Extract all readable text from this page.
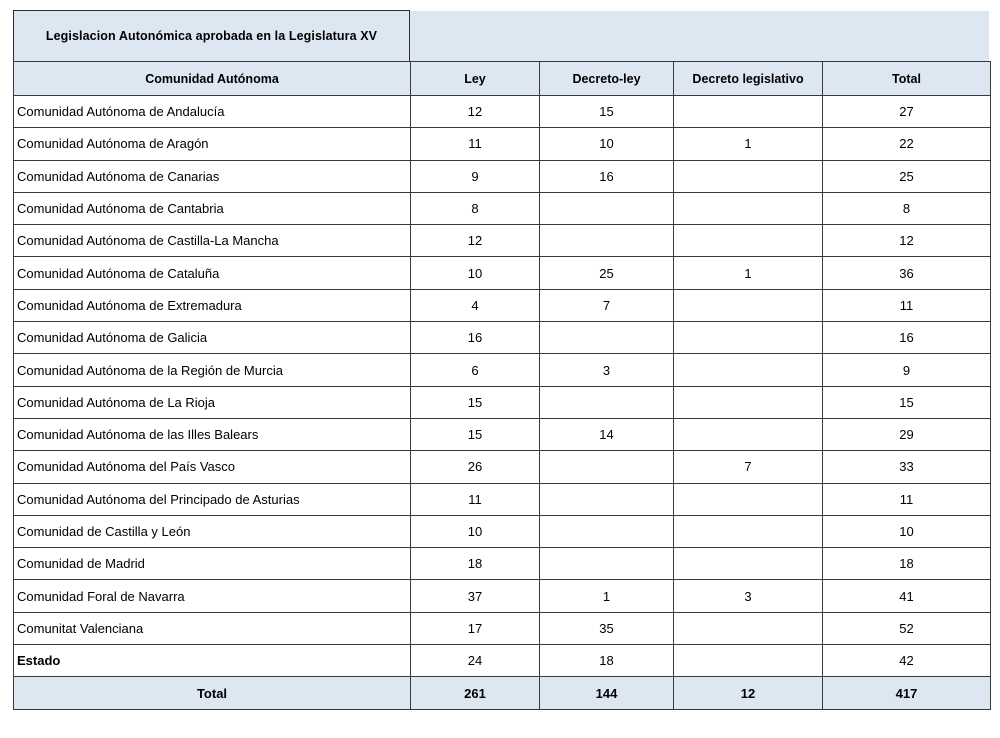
Legislacion Autonómica aprobada en la Legislatura XV
Comunidad Autónoma	Ley	Decreto-ley	Decreto legislativo	Total
Comunidad Autónoma de Andalucía	12	15		27
Comunidad Autónoma de Aragón	11	10	1	22
Comunidad Autónoma de Canarias	9	16		25
Comunidad Autónoma de Cantabria	8			8
Comunidad Autónoma de Castilla-La Mancha	12			12
Comunidad Autónoma de Cataluña	10	25	1	36
Comunidad Autónoma de Extremadura	4	7		11
Comunidad Autónoma de Galicia	16			16
Comunidad Autónoma de la Región de Murcia	6	3		9
Comunidad Autónoma de La Rioja	15			15
Comunidad Autónoma de las Illes Balears	15	14		29
Comunidad Autónoma del País Vasco	26		7	33
Comunidad Autónoma del Principado de Asturias	11			11
Comunidad de Castilla y León	10			10
Comunidad de Madrid	18			18
Comunidad Foral de Navarra	37	1	3	41
Comunitat Valenciana	17	35		52
Estado	24	18		42
Total	261	144	12	417
